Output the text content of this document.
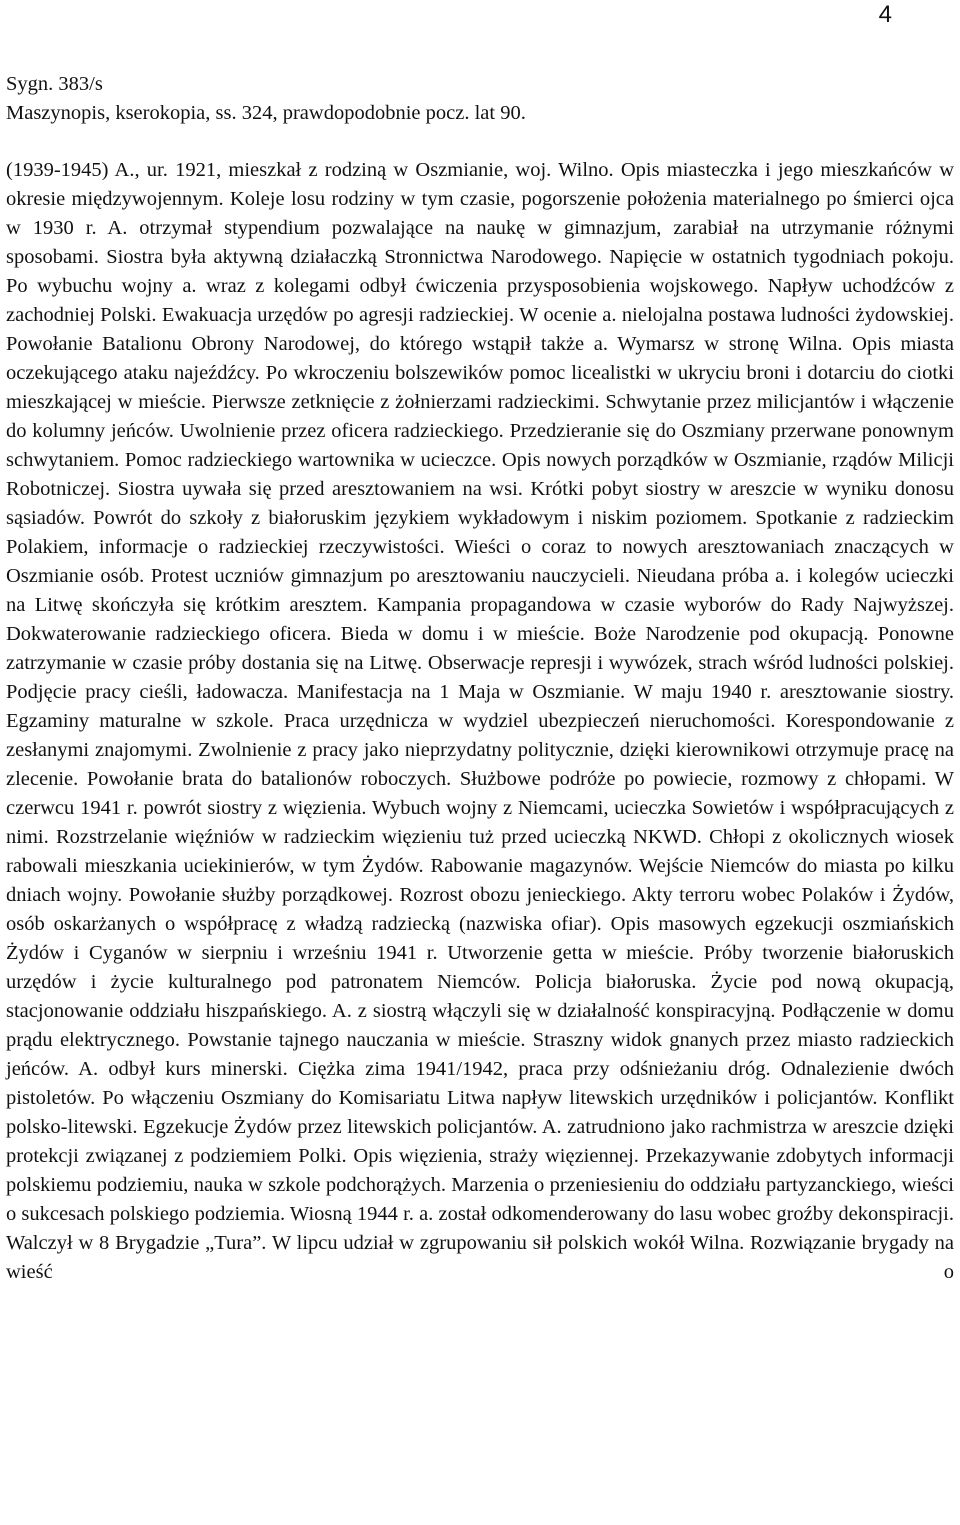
4
Sygn. 383/s
Maszynopis, kserokopia, ss. 324, prawdopodobnie pocz. lat 90.

(1939-1945) A., ur. 1921, mieszkał z rodziną w Oszmianie, woj. Wilno. Opis miasteczka i jego mieszkańców w okresie międzywojennym. Koleje losu rodziny w tym czasie, pogorszenie położenia materialnego po śmierci ojca w 1930 r. A. otrzymał stypendium pozwalające na naukę w gimnazjum, zarabiał na utrzymanie różnymi sposobami. Siostra była aktywną działaczką Stronnictwa Narodowego. Napięcie w ostatnich tygodniach pokoju. Po wybuchu wojny a. wraz z kolegami odbył ćwiczenia przysposobienia wojskowego. Napływ uchodźców z zachodniej Polski. Ewakuacja urzędów po agresji radzieckiej. W ocenie a. nielojalna postawa ludności żydowskiej. Powołanie Batalionu Obrony Narodowej, do którego wstąpił także a. Wymarsz w stronę Wilna. Opis miasta oczekującego ataku najeźdźcy. Po wkroczeniu bolszewików pomoc licealistki w ukryciu broni i dotarciu do ciotki mieszkającej w mieście. Pierwsze zetknięcie z żołnierzami radzieckimi. Schwytanie przez milicjantów i włączenie do kolumny jeńców. Uwolnienie przez oficera radzieckiego. Przedzieranie się do Oszmiany przerwane ponownym schwytaniem. Pomoc radzieckiego wartownika w ucieczce. Opis nowych porządków w Oszmianie, rządów Milicji Robotniczej. Siostra uywała się przed aresztowaniem na wsi. Krótki pobyt siostry w areszcie w wyniku donosu sąsiadów. Powrót do szkoły z białoruskim językiem wykładowym i niskim poziomem. Spotkanie z radzieckim Polakiem, informacje o radzieckiej rzeczywistości. Wieści o coraz to nowych aresztowaniach znaczących w Oszmianie osób. Protest uczniów gimnazjum po aresztowaniu nauczycieli. Nieudana próba a. i kolegów ucieczki na Litwę skończyła się krótkim aresztem. Kampania propagandowa w czasie wyborów do Rady Najwyższej. Dokwaterowanie radzieckiego oficera. Bieda w domu i w mieście. Boże Narodzenie pod okupacją. Ponowne zatrzymanie w czasie próby dostania się na Litwę. Obserwacje represji i wywózek, strach wśród ludności polskiej. Podjęcie pracy cieśli, ładowacza. Manifestacja na 1 Maja w Oszmianie. W maju 1940 r. aresztowanie siostry. Egzaminy maturalne w szkole. Praca urzędnicza w wydziel ubezpieczeń nieruchomości. Korespondowanie z zesłanymi znajomymi. Zwolnienie z pracy jako nieprzydatny politycznie, dzięki kierownikowi otrzymuje pracę na zlecenie. Powołanie brata do batalionów roboczych. Służbowe podróże po powiecie, rozmowy z chłopami. W czerwcu 1941 r. powrót siostry z więzienia. Wybuch wojny z Niemcami, ucieczka Sowietów i współpracujących z nimi. Rozstrzelanie więźniów w radzieckim więzieniu tuż przed ucieczką NKWD. Chłopi z okolicznych wiosek rabowali mieszkania uciekinierów, w tym Żydów. Rabowanie magazynów. Wejście Niemców do miasta po kilku dniach wojny. Powołanie służby porządkowej. Rozrost obozu jenieckiego. Akty terroru wobec Polaków i Żydów, osób oskarżanych o współpracę z władzą radziecką (nazwiska ofiar). Opis masowych egzekucji oszmiańskich Żydów i Cyganów w sierpniu i wrześniu 1941 r. Utworzenie getta w mieście. Próby tworzenie białoruskich urzędów i życie kulturalnego pod patronatem Niemców. Policja białoruska. Życie pod nową okupacją, stacjonowanie oddziału hiszpańskiego. A. z siostrą włączyli się w działalność konspiracyjną. Podłączenie w domu prądu elektrycznego. Powstanie tajnego nauczania w mieście. Straszny widok gnanych przez miasto radzieckich jeńców. A. odbył kurs minerski. Ciężka zima 1941/1942, praca przy odśnieżaniu dróg. Odnalezienie dwóch pistoletów. Po włączeniu Oszmiany do Komisariatu Litwa napływ litewskich urzędników i policjantów. Konflikt polsko-litewski. Egzekucje Żydów przez litewskich policjantów. A. zatrudniono jako rachmistrza w areszcie dzięki protekcji związanej z podziemiem Polki. Opis więzienia, straży więziennej. Przekazywanie zdobytych informacji polskiemu podziemiu, nauka w szkole podchorążych. Marzenia o przeniesieniu do oddziału partyzanckiego, wieści o sukcesach polskiego podziemia. Wiosną 1944 r. a. został odkomenderowany do lasu wobec groźby dekonspiracji. Walczył w 8 Brygadzie „Tura”. W lipcu udział w zgrupowaniu sił polskich wokół Wilna. Rozwiązanie brygady na wieść o
